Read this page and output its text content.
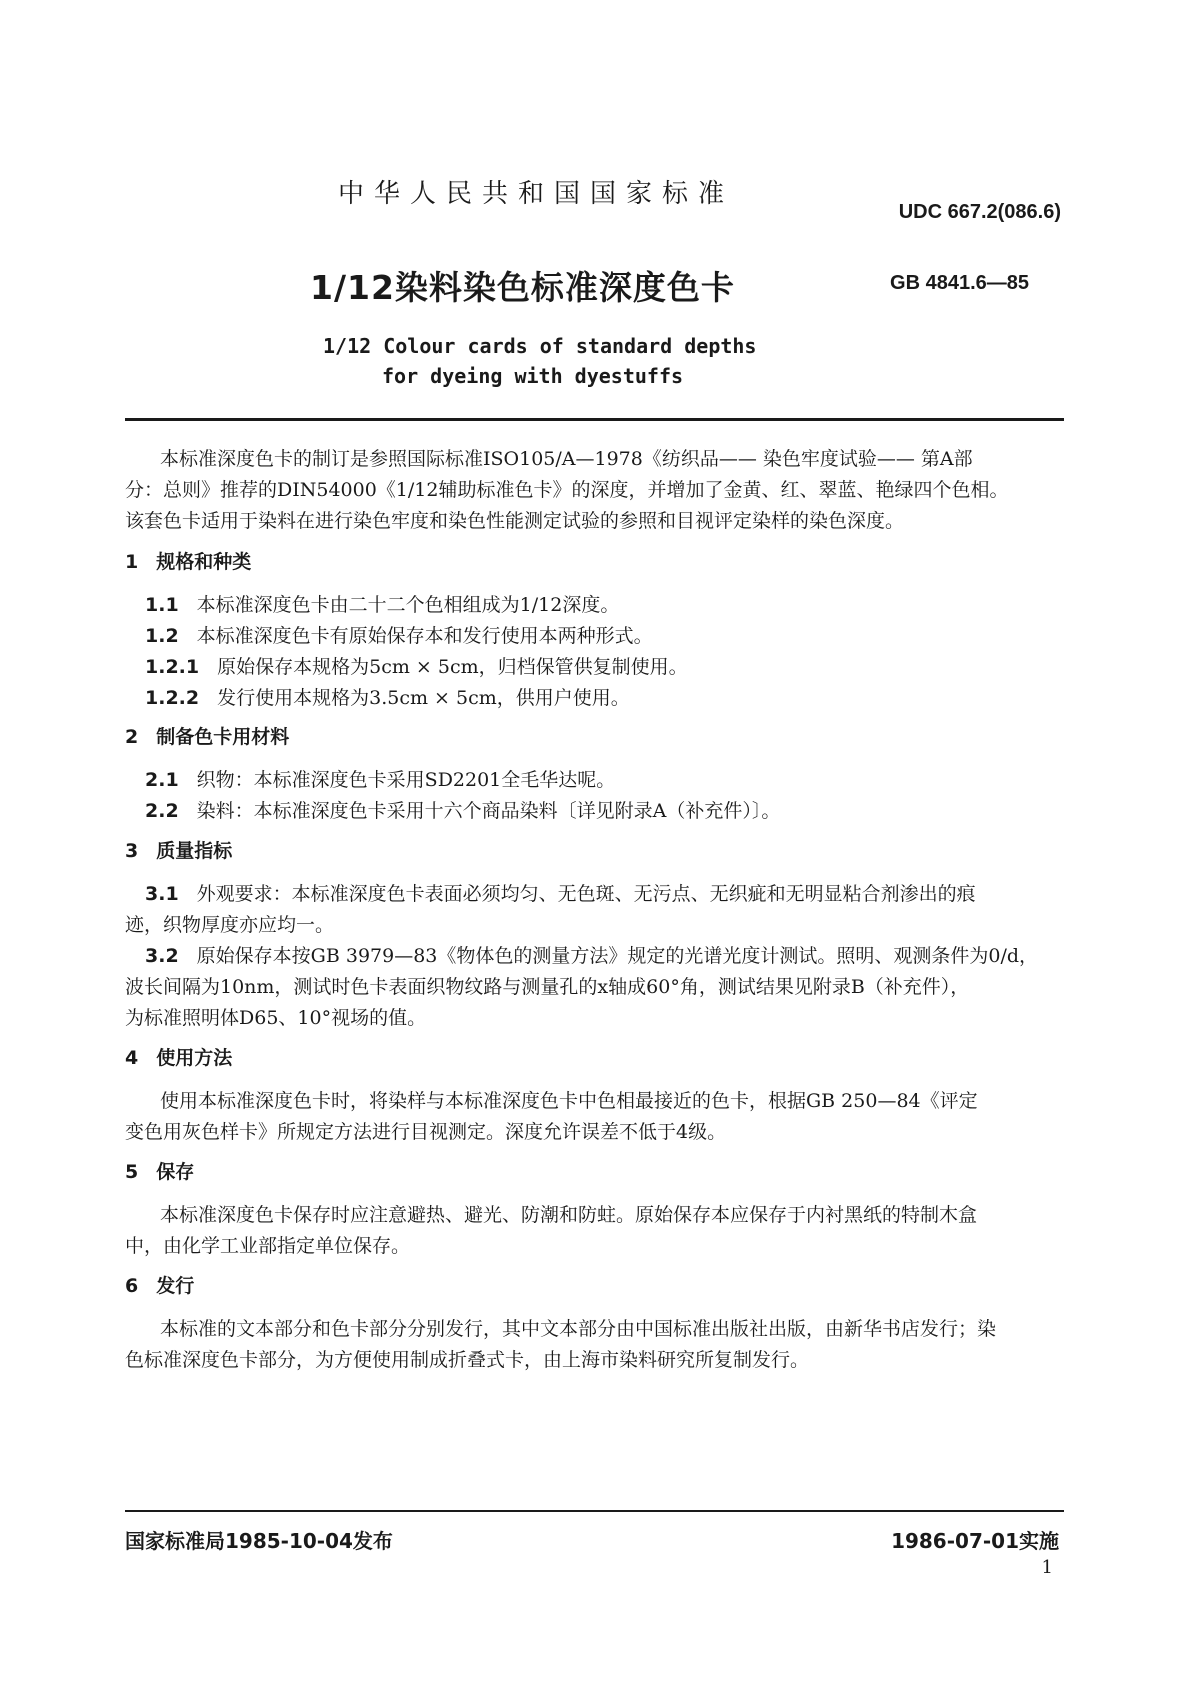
中华人民共和国国家标准
UDC 667.2(086.6)
1/12染料染色标准深度色卡	GB 4841.6—85
1/12 Colour cards of standard depths
for dyeing with dyestuffs
本标准深度色卡的制订是参照国际标准ISO105/A—1978《纺织品—— 染色牢度试验—— 第A部
分：总则》推荐的DIN54000《1/12辅助标准色卡》的深度，并增加了金黄、红、翠蓝、艳绿四个色相。
该套色卡适用于染料在进行染色牢度和染色性能测定试验的参照和目视评定染样的染色深度。
1 规格和种类
1.1 本标准深度色卡由二十二个色相组成为1/12深度。
1.2 本标准深度色卡有原始保存本和发行使用本两种形式。
1.2.1 原始保存本规格为5cm × 5cm，归档保管供复制使用。
1.2.2 发行使用本规格为3.5cm × 5cm，供用户使用。
2 制备色卡用材料
2.1 织物：本标准深度色卡采用SD2201全毛华达呢。
2.2 染料：本标准深度色卡采用十六个商品染料〔详见附录A（补充件）〕。
3 质量指标
3.1 外观要求：本标准深度色卡表面必须均匀、无色斑、无污点、无织疵和无明显粘合剂渗出的痕
迹，织物厚度亦应均一。
3.2 原始保存本按GB 3979—83《物体色的测量方法》规定的光谱光度计测试。照明、观测条件为0/d，
波长间隔为10nm，测试时色卡表面织物纹路与测量孔的x轴成60°角，测试结果见附录B（补充件），
为标准照明体D65、10°视场的值。
4 使用方法
使用本标准深度色卡时，将染样与本标准深度色卡中色相最接近的色卡，根据GB 250—84《评定
变色用灰色样卡》所规定方法进行目视测定。深度允许误差不低于4级。
5 保存
本标准深度色卡保存时应注意避热、避光、防潮和防蛀。原始保存本应保存于内衬黑纸的特制木盒
中，由化学工业部指定单位保存。
6 发行
本标准的文本部分和色卡部分分别发行，其中文本部分由中国标准出版社出版，由新华书店发行；染
色标准深度色卡部分，为方便使用制成折叠式卡，由上海市染料研究所复制发行。
国家标准局1985-10-04发布	1986-07-01实施
1
